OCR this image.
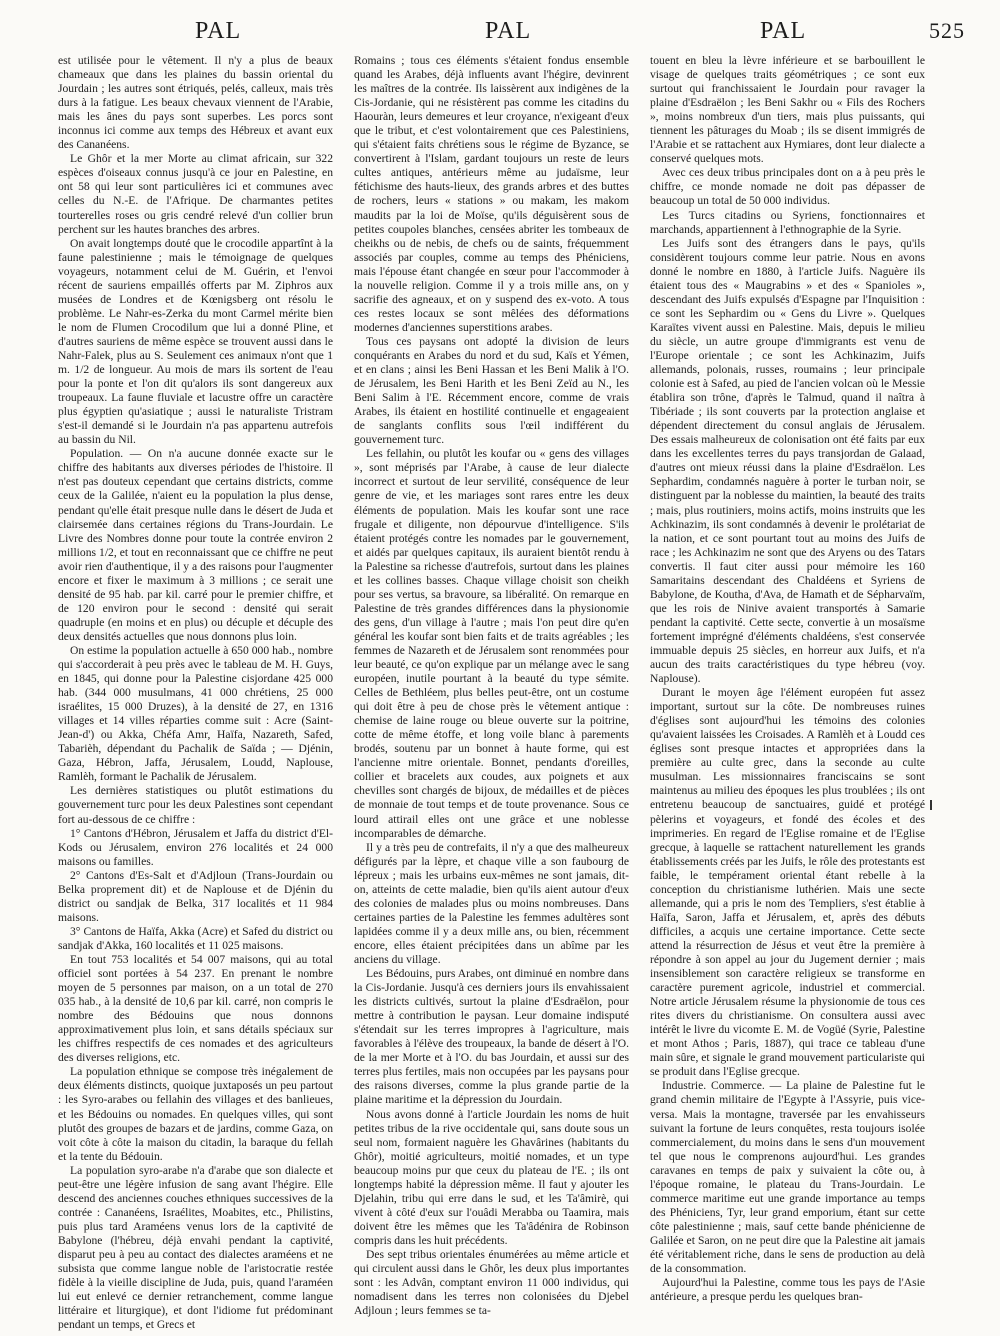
PAL	PAL	PAL	525

est utilisée pour le vêtement. Il n'y a plus de beaux chameaux que dans les plaines du bassin oriental du Jourdain ; les autres sont étriqués, pelés, calleux, mais très durs à la fatigue. Les beaux chevaux viennent de l'Arabie, mais les ânes du pays sont superbes. Les porcs sont inconnus ici comme aux temps des Hébreux et avant eux des Cananéens.

Le Ghôr et la mer Morte au climat africain, sur 322 espèces d'oiseaux connus jusqu'à ce jour en Palestine, en ont 58 qui leur sont particulières ici et communes avec celles du N.-E. de l'Afrique. De charmantes petites tourterelles roses ou gris cendré relevé d'un collier brun perchent sur les hautes branches des arbres.

On avait longtemps douté que le crocodile appartînt à la faune palestinienne ; mais le témoignage de quelques voyageurs, notamment celui de M. Guérin, et l'envoi récent de sauriens empaillés offerts par M. Ziphros aux musées de Londres et de Kœnigsberg ont résolu le problème. Le Nahr-es-Zerka du mont Carmel mérite bien le nom de Flumen Crocodilum que lui a donné Pline, et d'autres sauriens de même espèce se trouvent aussi dans le Nahr-Falek, plus au S. Seulement ces animaux n'ont que 1 m. 1/2 de longueur. Au mois de mars ils sortent de l'eau pour la ponte et l'on dit qu'alors ils sont dangereux aux troupeaux. La faune fluviale et lacustre offre un caractère plus égyptien qu'asiatique ; aussi le naturaliste Tristram s'est-il demandé si le Jourdain n'a pas appartenu autrefois au bassin du Nil.

Population. — On n'a aucune donnée exacte sur le chiffre des habitants aux diverses périodes de l'histoire. Il n'est pas douteux cependant que certains districts, comme ceux de la Galilée, n'aient eu la population la plus dense, pendant qu'elle était presque nulle dans le désert de Juda et clairsemée dans certaines régions du Trans-Jourdain. Le Livre des Nombres donne pour toute la contrée environ 2 millions 1/2, et tout en reconnaissant que ce chiffre ne peut avoir rien d'authentique, il y a des raisons pour l'augmenter encore et fixer le maximum à 3 millions ; ce serait une densité de 95 hab. par kil. carré pour le premier chiffre, et de 120 environ pour le second : densité qui serait quadruple (en moins et en plus) ou décuple et décuple des deux densités actuelles que nous donnons plus loin.

On estime la population actuelle à 650 000 hab., nombre qui s'accorderait à peu près avec le tableau de M. H. Guys, en 1845, qui donne pour la Palestine cisjordane 425 000 hab. (344 000 musulmans, 41 000 chrétiens, 25 000 israélites, 15 000 Druzes), à la densité de 27, en 1316 villages et 14 villes réparties comme suit : Acre (Saint-Jean-d') ou Akka, Chéfa Amr, Haïfa, Nazareth, Safed, Tabarièh, dépendant du Pachalik de Saïda ; — Djénin, Gaza, Hébron, Jaffa, Jérusalem, Loudd, Naplouse, Ramlèh, formant le Pachalik de Jérusalem.

Les dernières statistiques ou plutôt estimations du gouvernement turc pour les deux Palestines sont cependant fort au-dessous de ce chiffre :

1° Cantons d'Hébron, Jérusalem et Jaffa du district d'El-Kods ou Jérusalem, environ 276 localités et 24 000 maisons ou familles.

2° Cantons d'Es-Salt et d'Adjloun (Trans-Jourdain ou Belka proprement dit) et de Naplouse et de Djénin du district ou sandjak de Belka, 317 localités et 11 984 maisons.

3° Cantons de Haïfa, Akka (Acre) et Safed du district ou sandjak d'Akka, 160 localités et 11 025 maisons.

En tout 753 localités et 54 007 maisons, qui au total officiel sont portées à 54 237. En prenant le nombre moyen de 5 personnes par maison, on a un total de 270 035 hab., à la densité de 10,6 par kil. carré, non compris le nombre des Bédouins que nous donnons approximativement plus loin, et sans détails spéciaux sur les chiffres respectifs de ces nomades et des agriculteurs des diverses religions, etc.

La population ethnique se compose très inégalement de deux éléments distincts, quoique juxtaposés un peu partout : les Syro-arabes ou fellahin des villages et des banlieues, et les Bédouins ou nomades. En quelques villes, qui sont plutôt des groupes de bazars et de jardins, comme Gaza, on voit côte à côte la maison du citadin, la baraque du fellah et la tente du Bédouin.

La population syro-arabe n'a d'arabe que son dialecte et peut-être une légère infusion de sang avant l'hégire. Elle descend des anciennes couches ethniques successives de la contrée : Cananéens, Israélites, Moabites, etc., Philistins, puis plus tard Araméens venus lors de la captivité de Babylone (l'hébreu, déjà envahi pendant la captivité, disparut peu à peu au contact des dialectes araméens et ne subsista que comme langue noble de l'aristocratie restée fidèle à la vieille discipline de Juda, puis, quand l'araméen lui eut enlevé ce dernier retranchement, comme langue littéraire et liturgique), et dont l'idiome fut prédominant pendant un temps, et Grecs et

Romains ; tous ces éléments s'étaient fondus ensemble quand les Arabes, déjà influents avant l'hégire, devinrent les maîtres de la contrée. Ils laissèrent aux indigènes de la Cis-Jordanie, qui ne résistèrent pas comme les citadins du Haouràn, leurs demeures et leur croyance, n'exigeant d'eux que le tribut, et c'est volontairement que ces Palestiniens, qui s'étaient faits chrétiens sous le régime de Byzance, se convertirent à l'Islam, gardant toujours un reste de leurs cultes antiques, antérieurs même au judaïsme, leur fétichisme des hauts-lieux, des grands arbres et des buttes de rochers, leurs « stations » ou makam, les makom maudits par la loi de Moïse, qu'ils déguisèrent sous de petites coupoles blanches, censées abriter les tombeaux de cheikhs ou de nebis, de chefs ou de saints, fréquemment associés par couples, comme au temps des Phéniciens, mais l'épouse étant changée en sœur pour l'accommoder à la nouvelle religion. Comme il y a trois mille ans, on y sacrifie des agneaux, et on y suspend des ex-voto. A tous ces restes locaux se sont mêlées des déformations modernes d'anciennes superstitions arabes.

Tous ces paysans ont adopté la division de leurs conquérants en Arabes du nord et du sud, Kaïs et Yémen, et en clans ; ainsi les Beni Hassan et les Beni Malik à l'O. de Jérusalem, les Beni Harith et les Beni Zeïd au N., les Beni Salim à l'E. Récemment encore, comme de vrais Arabes, ils étaient en hostilité continuelle et engageaient de sanglants conflits sous l'œil indifférent du gouvernement turc.

Les fellahin, ou plutôt les koufar ou « gens des villages », sont méprisés par l'Arabe, à cause de leur dialecte incorrect et surtout de leur servilité, conséquence de leur genre de vie, et les mariages sont rares entre les deux éléments de population. Mais les koufar sont une race frugale et diligente, non dépourvue d'intelligence. S'ils étaient protégés contre les nomades par le gouvernement, et aidés par quelques capitaux, ils auraient bientôt rendu à la Palestine sa richesse d'autrefois, surtout dans les plaines et les collines basses. Chaque village choisit son cheikh pour ses vertus, sa bravoure, sa libéralité. On remarque en Palestine de très grandes différences dans la physionomie des gens, d'un village à l'autre ; mais l'on peut dire qu'en général les koufar sont bien faits et de traits agréables ; les femmes de Nazareth et de Jérusalem sont renommées pour leur beauté, ce qu'on explique par un mélange avec le sang européen, inutile pourtant à la beauté du type sémite. Celles de Bethléem, plus belles peut-être, ont un costume qui doit être à peu de chose près le vêtement antique : chemise de laine rouge ou bleue ouverte sur la poitrine, cotte de même étoffe, et long voile blanc à parements brodés, soutenu par un bonnet à haute forme, qui est l'ancienne mitre orientale. Bonnet, pendants d'oreilles, collier et bracelets aux coudes, aux poignets et aux chevilles sont chargés de bijoux, de médailles et de pièces de monnaie de tout temps et de toute provenance. Sous ce lourd attirail elles ont une grâce et une noblesse incomparables de démarche.

Il y a très peu de contrefaits, il n'y a que des malheureux défigurés par la lèpre, et chaque ville a son faubourg de lépreux ; mais les urbains eux-mêmes ne sont jamais, dit-on, atteints de cette maladie, bien qu'ils aient autour d'eux des colonies de malades plus ou moins nombreuses. Dans certaines parties de la Palestine les femmes adultères sont lapidées comme il y a deux mille ans, ou bien, récemment encore, elles étaient précipitées dans un abîme par les anciens du village.

Les Bédouins, purs Arabes, ont diminué en nombre dans la Cis-Jordanie. Jusqu'à ces derniers jours ils envahissaient les districts cultivés, surtout la plaine d'Esdraëlon, pour mettre à contribution le paysan. Leur domaine indisputé s'étendait sur les terres impropres à l'agriculture, mais favorables à l'élève des troupeaux, la bande de désert à l'O. de la mer Morte et à l'O. du bas Jourdain, et aussi sur des terres plus fertiles, mais non occupées par les paysans pour des raisons diverses, comme la plus grande partie de la plaine maritime et la dépression du Jourdain.

Nous avons donné à l'article Jourdain les noms de huit petites tribus de la rive occidentale qui, sans doute sous un seul nom, formaient naguère les Ghavârines (habitants du Ghôr), moitié agriculteurs, moitié nomades, et un type beaucoup moins pur que ceux du plateau de l'E. ; ils ont longtemps habité la dépression même. Il faut y ajouter les Djelahin, tribu qui erre dans le sud, et les Ta'âmirè, qui vivent à côté d'eux sur l'ouâdi Merabba ou Taamira, mais doivent être les mêmes que les Ta'âdénira de Robinson compris dans les huit précédents.

Des sept tribus orientales énumérées au même article et qui circulent aussi dans le Ghôr, les deux plus importantes sont : les Advân, comptant environ 11 000 individus, qui nomadisent dans les terres non colonisées du Djebel Adjloun ; leurs femmes se ta-

touent en bleu la lèvre inférieure et se barbouillent le visage de quelques traits géométriques ; ce sont eux surtout qui franchissaient le Jourdain pour ravager la plaine d'Esdraëlon ; les Beni Sakhr ou « Fils des Rochers », moins nombreux d'un tiers, mais plus puissants, qui tiennent les pâturages du Moab ; ils se disent immigrés de l'Arabie et se rattachent aux Hymiares, dont leur dialecte a conservé quelques mots.

Avec ces deux tribus principales dont on a à peu près le chiffre, ce monde nomade ne doit pas dépasser de beaucoup un total de 50 000 individus.

Les Turcs citadins ou Syriens, fonctionnaires et marchands, appartiennent à l'ethnographie de la Syrie.

Les Juifs sont des étrangers dans le pays, qu'ils considèrent toujours comme leur patrie. Nous en avons donné le nombre en 1880, à l'article Juifs. Naguère ils étaient tous des « Maugrabins » et des « Spanioles », descendant des Juifs expulsés d'Espagne par l'Inquisition : ce sont les Sephardim ou « Gens du Livre ». Quelques Karaïtes vivent aussi en Palestine. Mais, depuis le milieu du siècle, un autre groupe d'immigrants est venu de l'Europe orientale ; ce sont les Achkinazim, Juifs allemands, polonais, russes, roumains ; leur principale colonie est à Safed, au pied de l'ancien volcan où le Messie établira son trône, d'après le Talmud, quand il naîtra à Tibériade ; ils sont couverts par la protection anglaise et dépendent directement du consul anglais de Jérusalem. Des essais malheureux de colonisation ont été faits par eux dans les excellentes terres du pays transjordan de Galaad, d'autres ont mieux réussi dans la plaine d'Esdraëlon. Les Sephardim, condamnés naguère à porter le turban noir, se distinguent par la noblesse du maintien, la beauté des traits ; mais, plus routiniers, moins actifs, moins instruits que les Achkinazim, ils sont condamnés à devenir le prolétariat de la nation, et ce sont pourtant tout au moins des Juifs de race ; les Achkinazim ne sont que des Aryens ou des Tatars convertis. Il faut citer aussi pour mémoire les 160 Samaritains descendant des Chaldéens et Syriens de Babylone, de Koutha, d'Ava, de Hamath et de Sépharvaïm, que les rois de Ninive avaient transportés à Samarie pendant la captivité. Cette secte, convertie à un mosaïsme fortement imprégné d'éléments chaldéens, s'est conservée immuable depuis 25 siècles, en horreur aux Juifs, et n'a aucun des traits caractéristiques du type hébreu (voy. Naplouse).

Durant le moyen âge l'élément européen fut assez important, surtout sur la côte. De nombreuses ruines d'églises sont aujourd'hui les témoins des colonies qu'avaient laissées les Croisades. A Ramlèh et à Loudd ces églises sont presque intactes et appropriées dans la première au culte grec, dans la seconde au culte musulman. Les missionnaires franciscains se sont maintenus au milieu des époques les plus troublées ; ils ont entretenu beaucoup de sanctuaires, guidé et protégé pèlerins et voyageurs, et fondé des écoles et des imprimeries. En regard de l'Eglise romaine et de l'Eglise grecque, à laquelle se rattachent naturellement les grands établissements créés par les Juifs, le rôle des protestants est faible, le tempérament oriental étant rebelle à la conception du christianisme luthérien. Mais une secte allemande, qui a pris le nom des Templiers, s'est établie à Haïfa, Saron, Jaffa et Jérusalem, et, après des débuts difficiles, a acquis une certaine importance. Cette secte attend la résurrection de Jésus et veut être la première à répondre à son appel au jour du Jugement dernier ; mais insensiblement son caractère religieux se transforme en caractère purement agricole, industriel et commercial. Notre article Jérusalem résume la physionomie de tous ces rites divers du christianisme. On consultera aussi avec intérêt le livre du vicomte E. M. de Vogüé (Syrie, Palestine et mont Athos ; Paris, 1887), qui trace ce tableau d'une main sûre, et signale le grand mouvement particulariste qui se produit dans l'Eglise grecque.

Industrie. Commerce. — La plaine de Palestine fut le grand chemin militaire de l'Egypte à l'Assyrie, puis vice-versa. Mais la montagne, traversée par les envahisseurs suivant la fortune de leurs conquêtes, resta toujours isolée commercialement, du moins dans le sens d'un mouvement tel que nous le comprenons aujourd'hui. Les grandes caravanes en temps de paix y suivaient la côte ou, à l'époque romaine, le plateau du Trans-Jourdain. Le commerce maritime eut une grande importance au temps des Phéniciens, Tyr, leur grand emporium, étant sur cette côte palestinienne ; mais, sauf cette bande phénicienne de Galilée et Saron, on ne peut dire que la Palestine ait jamais été véritablement riche, dans le sens de production au delà de la consommation.

Aujourd'hui la Palestine, comme tous les pays de l'Asie antérieure, a presque perdu les quelques bran-
